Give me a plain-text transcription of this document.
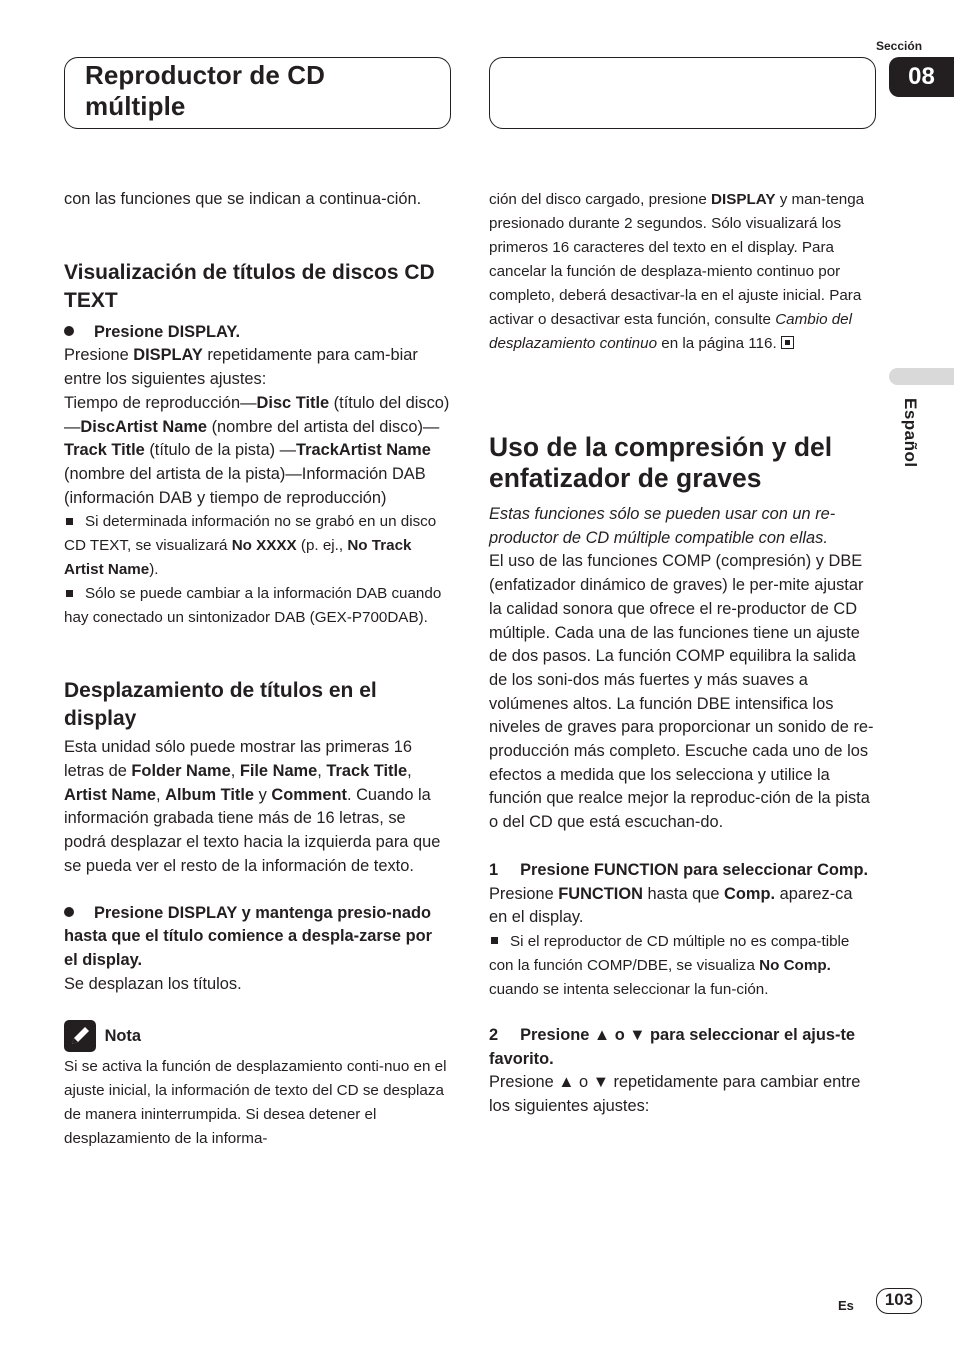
Reproductor de CD
múltiple
Sección
08
Español

con las funciones que se indican a continua-ción.

Visualización de títulos de discos CD TEXT

Presione DISPLAY.

Presione DISPLAY repetidamente para cam-biar entre los siguientes ajustes:
Tiempo de reproducción—Disc Title (título del disco)—DiscArtist Name (nombre del artista del disco)—Track Title (título de la pista) —TrackArtist Name (nombre del artista de la pista)—Información DAB (información DAB y tiempo de reproducción)

Si determinada información no se grabó en un disco CD TEXT, se visualizará No XXXX (p. ej., No Track Artist Name).

Sólo se puede cambiar a la información DAB cuando hay conectado un sintonizador DAB (GEX-P700DAB).

Desplazamiento de títulos en el display

Esta unidad sólo puede mostrar las primeras 16 letras de Folder Name, File Name, Track Title, Artist Name, Album Title y Comment. Cuando la información grabada tiene más de 16 letras, se podrá desplazar el texto hacia la izquierda para que se pueda ver el resto de la información de texto.

Presione DISPLAY y mantenga presio-nado hasta que el título comience a despla-zarse por el display.

Se desplazan los títulos.

Nota

Si se activa la función de desplazamiento conti-nuo en el ajuste inicial, la información de texto del CD se desplaza de manera ininterrumpida. Si desea detener el desplazamiento de la informa-

ción del disco cargado, presione DISPLAY y man-tenga presionado durante 2 segundos. Sólo visualizará los primeros 16 caracteres del texto en el display. Para cancelar la función de desplaza-miento continuo por completo, deberá desactivar-la en el ajuste inicial. Para activar o desactivar esta función, consulte Cambio del desplazamiento continuo en la página 116.

Uso de la compresión y del enfatizador de graves

Estas funciones sólo se pueden usar con un re-productor de CD múltiple compatible con ellas.

El uso de las funciones COMP (compresión) y DBE (enfatizador dinámico de graves) le per-mite ajustar la calidad sonora que ofrece el re-productor de CD múltiple. Cada una de las funciones tiene un ajuste de dos pasos. La función COMP equilibra la salida de los soni-dos más fuertes y más suaves a volúmenes altos. La función DBE intensifica los niveles de graves para proporcionar un sonido de re-producción más completo. Escuche cada uno de los efectos a medida que los selecciona y utilice la función que realce mejor la reproduc-ción de la pista o del CD que está escuchan-do.

1 Presione FUNCTION para seleccionar Comp.

Presione FUNCTION hasta que Comp. aparez-ca en el display.

Si el reproductor de CD múltiple no es compa-tible con la función COMP/DBE, se visualiza No Comp. cuando se intenta seleccionar la fun-ción.

2 Presione ▲ o ▼ para seleccionar el ajus-te favorito.

Presione ▲ o ▼ repetidamente para cambiar entre los siguientes ajustes:

Es	103
